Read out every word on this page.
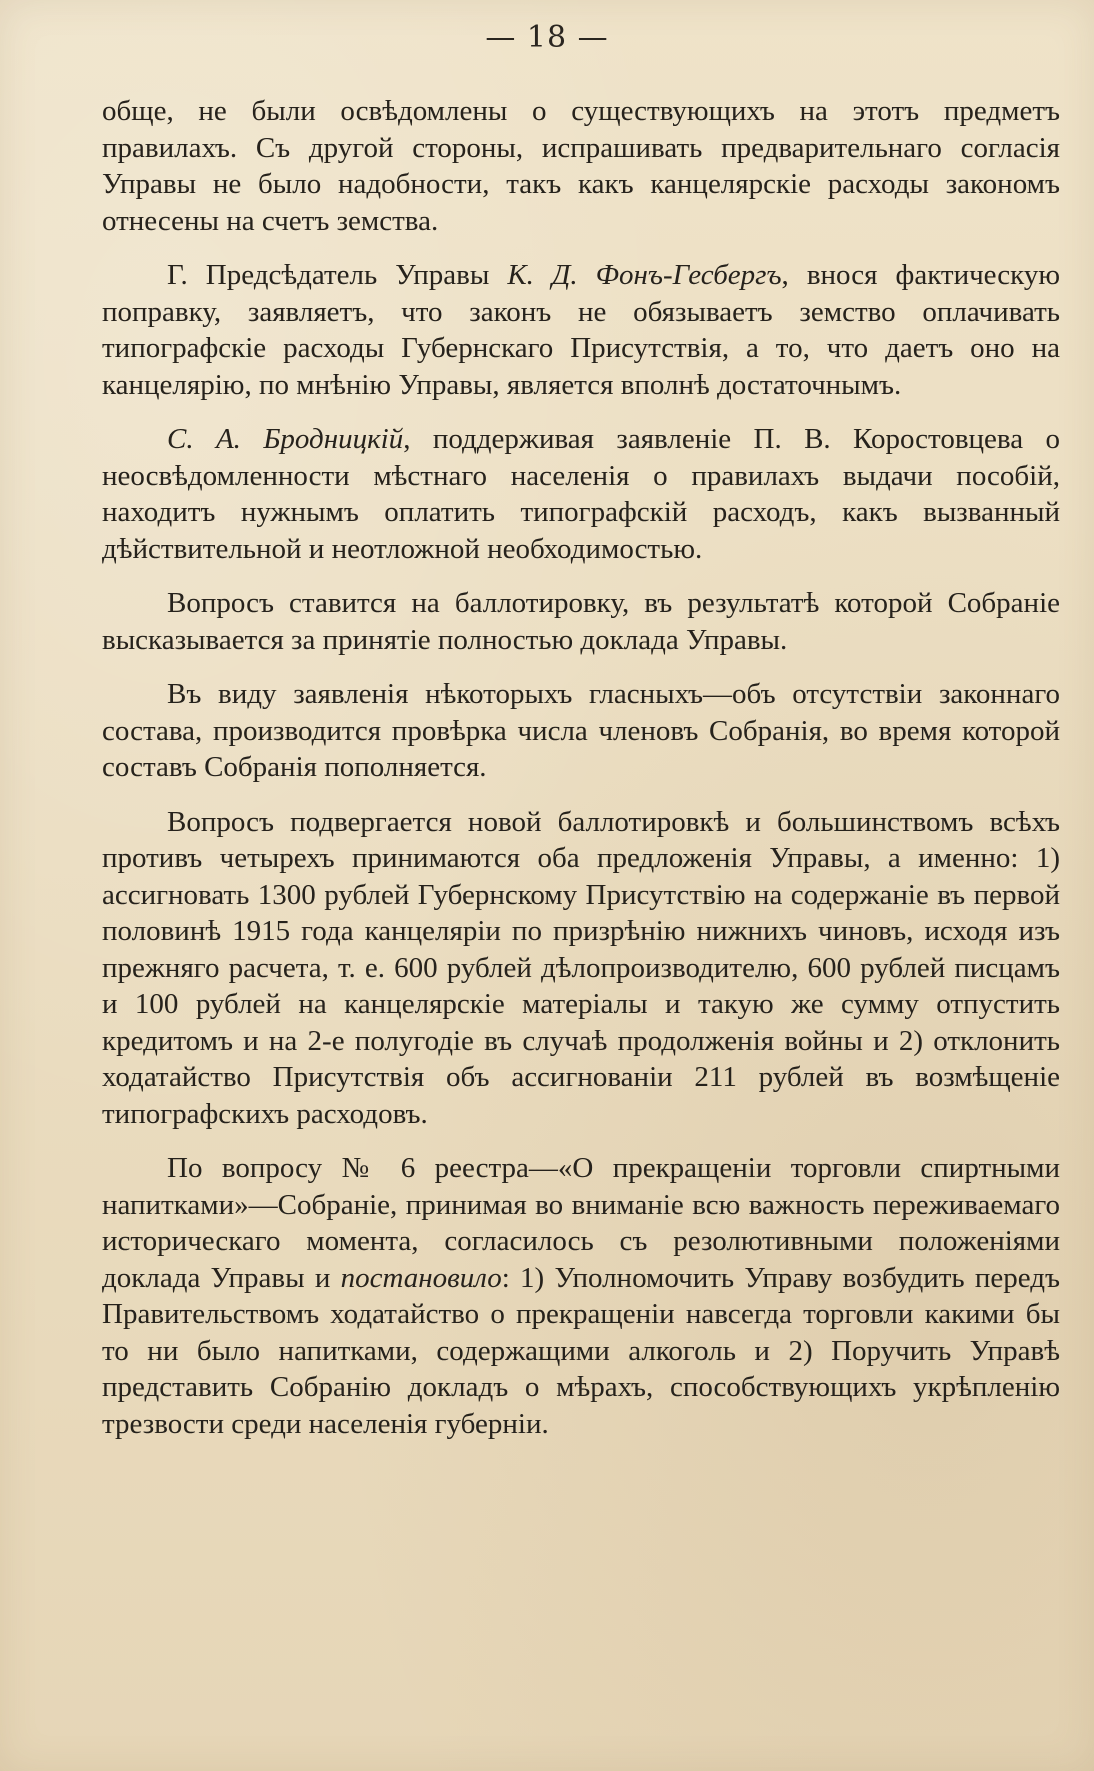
— 18 —

обще, не были освѣдомлены о существующихъ на этотъ предметъ правилахъ. Съ другой стороны, испрашивать предварительнаго согласія Управы не было надобности, такъ какъ канцелярскіе расходы закономъ отнесены на счетъ земства.

Г. Предсѣдатель Управы К. Д. Фонъ-Гесбергъ, внося фактическую поправку, заявляетъ, что законъ не обязываетъ земство оплачивать типографскіе расходы Губернскаго Присутствія, а то, что даетъ оно на канцелярію, по мнѣнію Управы, является вполнѣ достаточнымъ.

С. А. Бродницкій, поддерживая заявленіе П. В. Коростовцева о неосвѣдомленности мѣстнаго населенія о правилахъ выдачи пособій, находитъ нужнымъ оплатить типографскій расходъ, какъ вызванный дѣйствительной и неотложной необходимостью.

Вопросъ ставится на баллотировку, въ результатѣ которой Собраніе высказывается за принятіе полностью доклада Управы.

Въ виду заявленія нѣкоторыхъ гласныхъ—объ отсутствіи законнаго состава, производится провѣрка числа членовъ Собранія, во время которой составъ Собранія пополняется.

Вопросъ подвергается новой баллотировкѣ и большинствомъ всѣхъ противъ четырехъ принимаются оба предложенія Управы, а именно: 1) ассигновать 1300 рублей Губернскому Присутствію на содержаніе въ первой половинѣ 1915 года канцеляріи по призрѣнію нижнихъ чиновъ, исходя изъ прежняго расчета, т. е. 600 рублей дѣлопроизводителю, 600 рублей писцамъ и 100 рублей на канцелярскіе матеріалы и такую же сумму отпустить кредитомъ и на 2-е полугодіе въ случаѣ продолженія войны и 2) отклонить ходатайство Присутствія объ ассигнованіи 211 рублей въ возмѣщеніе типографскихъ расходовъ.

По вопросу № 6 реестра—«О прекращеніи торговли спиртными напитками»—Собраніе, принимая во вниманіе всю важность переживаемаго историческаго момента, согласилось съ резолютивными положеніями доклада Управы и постановило: 1) Уполномочить Управу возбудить передъ Правительствомъ ходатайство о прекращеніи навсегда торговли какими бы то ни было напитками, содержащими алкоголь и 2) Поручить Управѣ представить Собранію докладъ о мѣрахъ, способствующихъ укрѣпленію трезвости среди населенія губерніи.
